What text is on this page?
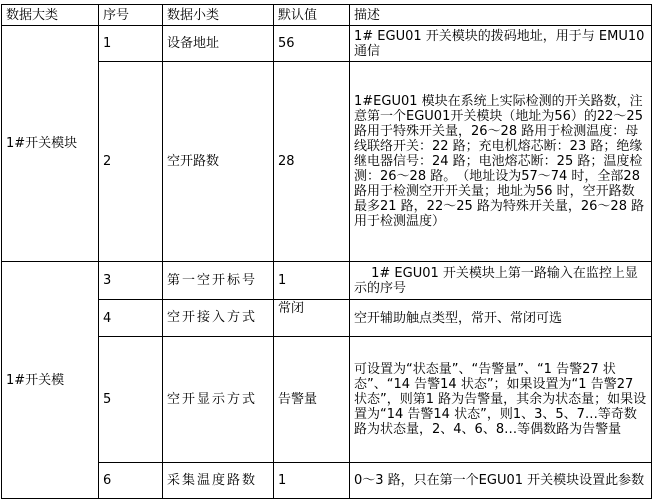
数据大类	序号	数据小类	默认值	描述
1#开关模块	1	设备地址	56	1# EGU01 开关模块的拨码地址，用于与 EMU10 通信
	2	空开路数	28	1#EGU01 模块在系统上实际检测的开关路数，注意第一个EGU01开关模块（地址为56）的22～25 路用于特殊开关量，26～28 路用于检测温度：母线联络开关：22 路；充电机熔芯断：23 路；绝缘继电器信号：24 路；电池熔芯断：25 路；温度检测：26～28 路。　（地址设为57～74 时，全部28 路用于检测空开开关量；地址为56 时，空开路数最多21 路，22～25 路为特殊开关量，26～28 路用于检测温度）
1#开关模	3	第一空开标号	1	　 1# EGU01 开关模块上第一路输入在监控上显示的序号
	4	空开接入方式	常闭	空开辅助触点类型，常开、常闭可选
	5	空开显示方式	告警量	可设置为“状态量”、“告警量”、“1 告警27 状态”、“14 告警14 状态”；如果设置为“1 告警27 状态”，则第1 路为告警量，其余为状态量；如果设置为“14 告警14 状态”，则1、3、5、7…等奇数路为状态量，2、4、6、8…等偶数路为告警量
	6	采集温度路数	1	0～3 路，只在第一个EGU01 开关模块设置此参数
